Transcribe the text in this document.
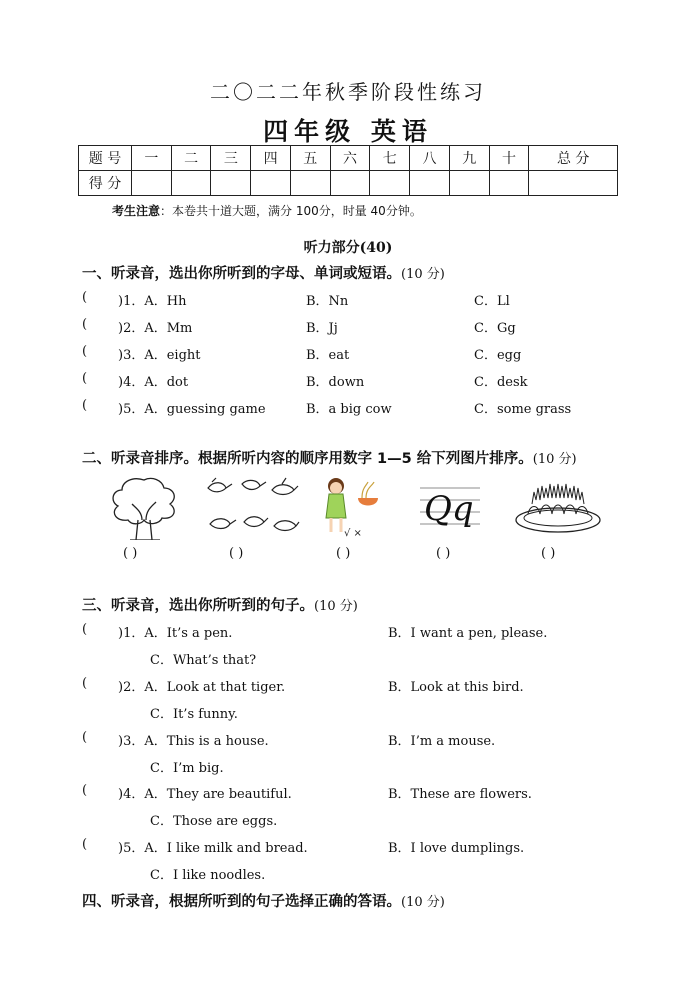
二〇二二年秋季阶段性练习
四年级 英语
题 号	一	二	三	四	五	六	七	八	九	十	总 分
得 分											
考生注意：本卷共十道大题，满分 100分，时量 40分钟。
听力部分(40)
一、听录音，选出你所听到的字母、单词或短语。(10 分)
( )1．A．Hh	B．Nn	C．Ll
( )2．A．Mm	B．Jj	C．Gg
( )3．A．eight	B．eat	C．egg
( )4．A．dot	B．down	C．desk
( )5．A．guessing game	B．a big cow	C．some grass
二、听录音排序。根据所听内容的顺序用数字 1—5 给下列图片排序。(10 分)
√ ×
Qq
( )	( )	( )	( )	( )
三、听录音，选出你所听到的句子。(10 分)
( )1．A．It’s a pen.	B．I want a pen, please.
C．What’s that?
( )2．A．Look at that tiger.	B．Look at this bird.
C．It’s funny.
( )3．A．This is a house.	B．I’m a mouse.
C．I’m big.
( )4．A．They are beautiful.	B．These are flowers.
C．Those are eggs.
( )5．A．I like milk and bread.	B．I love dumplings.
C．I like noodles.
四、听录音，根据所听到的句子选择正确的答语。(10 分)
